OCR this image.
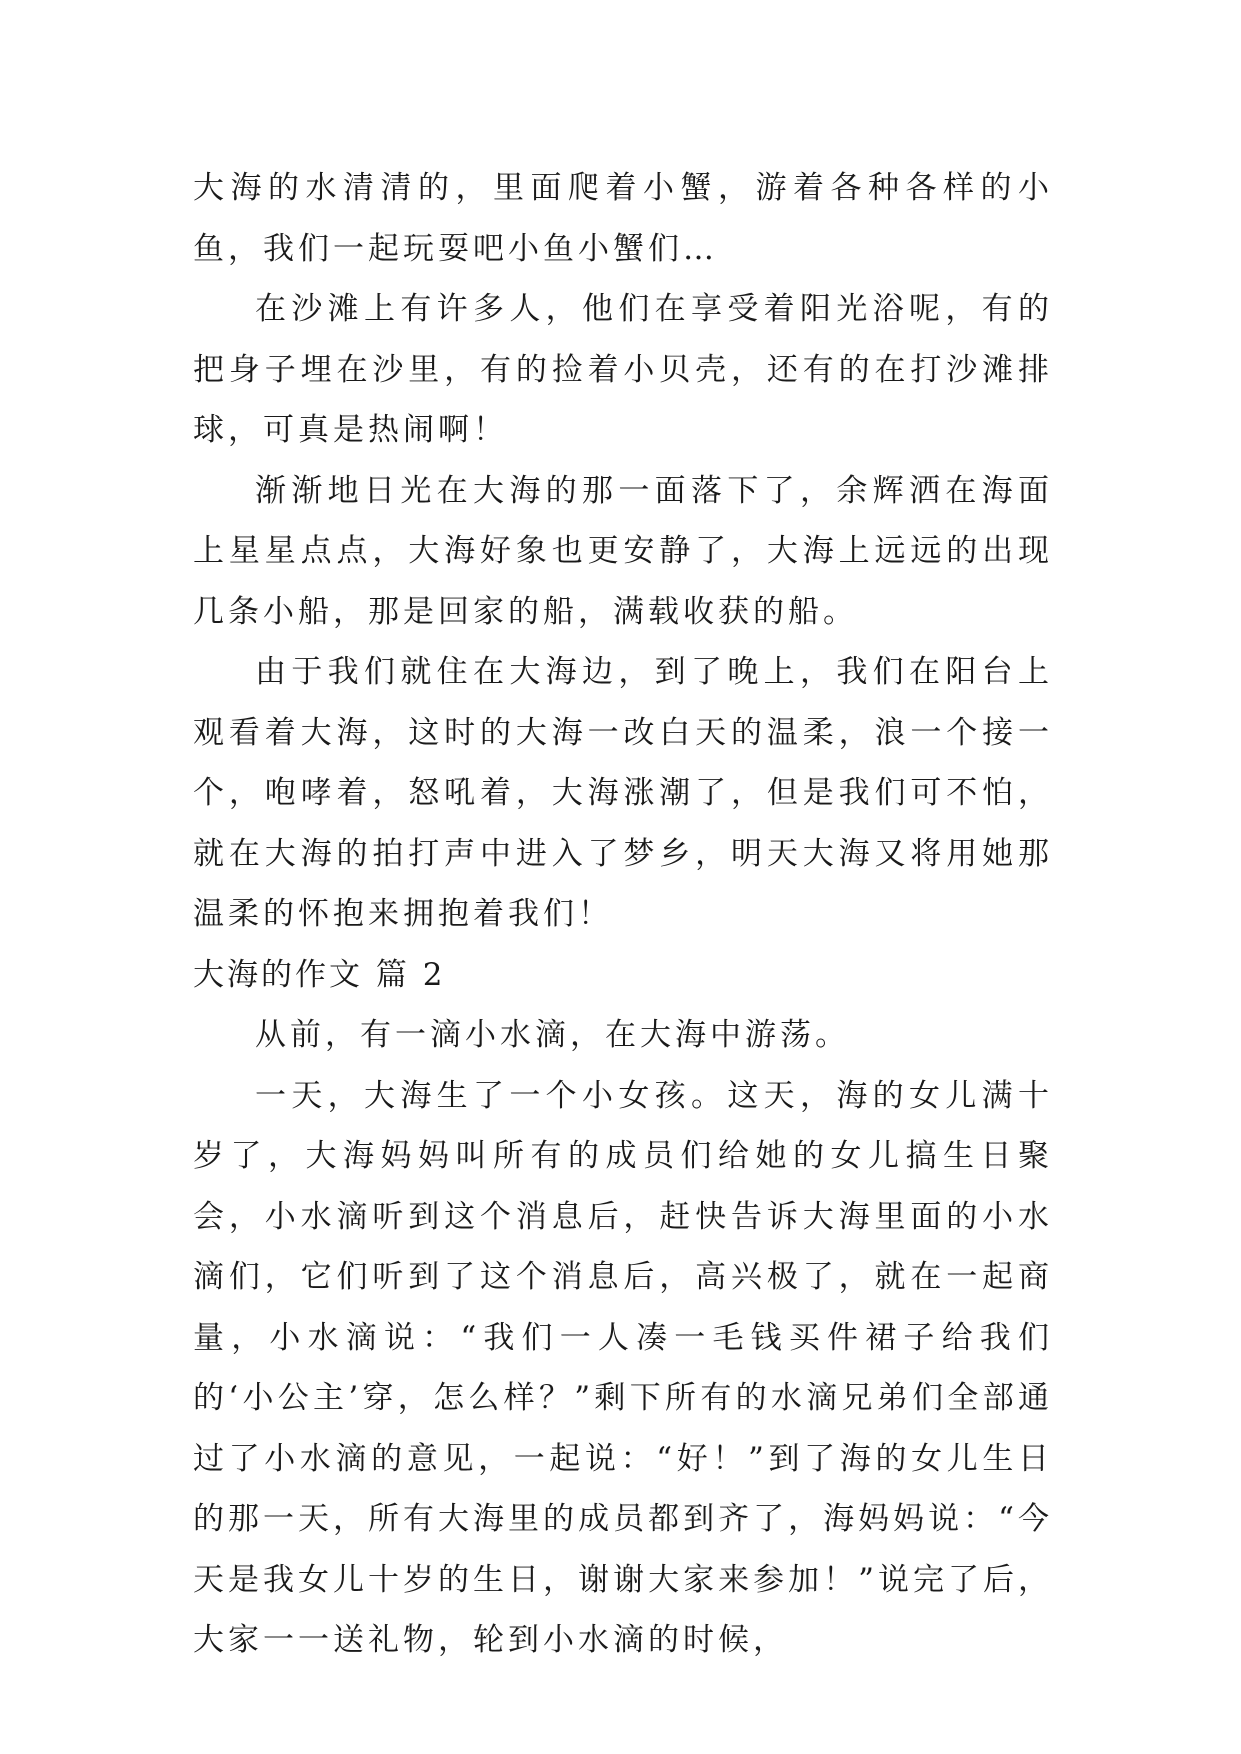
大海的水清清的，里面爬着小蟹，游着各种各样的小鱼，我们一起玩耍吧小鱼小蟹们…

在沙滩上有许多人，他们在享受着阳光浴呢，有的把身子埋在沙里，有的捡着小贝壳，还有的在打沙滩排球，可真是热闹啊！

渐渐地日光在大海的那一面落下了，余辉洒在海面上星星点点，大海好象也更安静了，大海上远远的出现几条小船，那是回家的船，满载收获的船。

由于我们就住在大海边，到了晚上，我们在阳台上观看着大海，这时的大海一改白天的温柔，浪一个接一个，咆哮着，怒吼着，大海涨潮了，但是我们可不怕，就在大海的拍打声中进入了梦乡，明天大海又将用她那温柔的怀抱来拥抱着我们！

大海的作文 篇 2

从前，有一滴小水滴，在大海中游荡。

一天，大海生了一个小女孩。这天，海的女儿满十岁了，大海妈妈叫所有的成员们给她的女儿搞生日聚会，小水滴听到这个消息后，赶快告诉大海里面的小水滴们，它们听到了这个消息后，高兴极了，就在一起商量，小水滴说：“我们一人凑一毛钱买件裙子给我们的‘小公主’穿，怎么样？”剩下所有的水滴兄弟们全部通过了小水滴的意见，一起说：“好！”到了海的女儿生日的那一天，所有大海里的成员都到齐了，海妈妈说：“今天是我女儿十岁的生日，谢谢大家来参加！”说完了后，大家一一送礼物，轮到小水滴的时候，
